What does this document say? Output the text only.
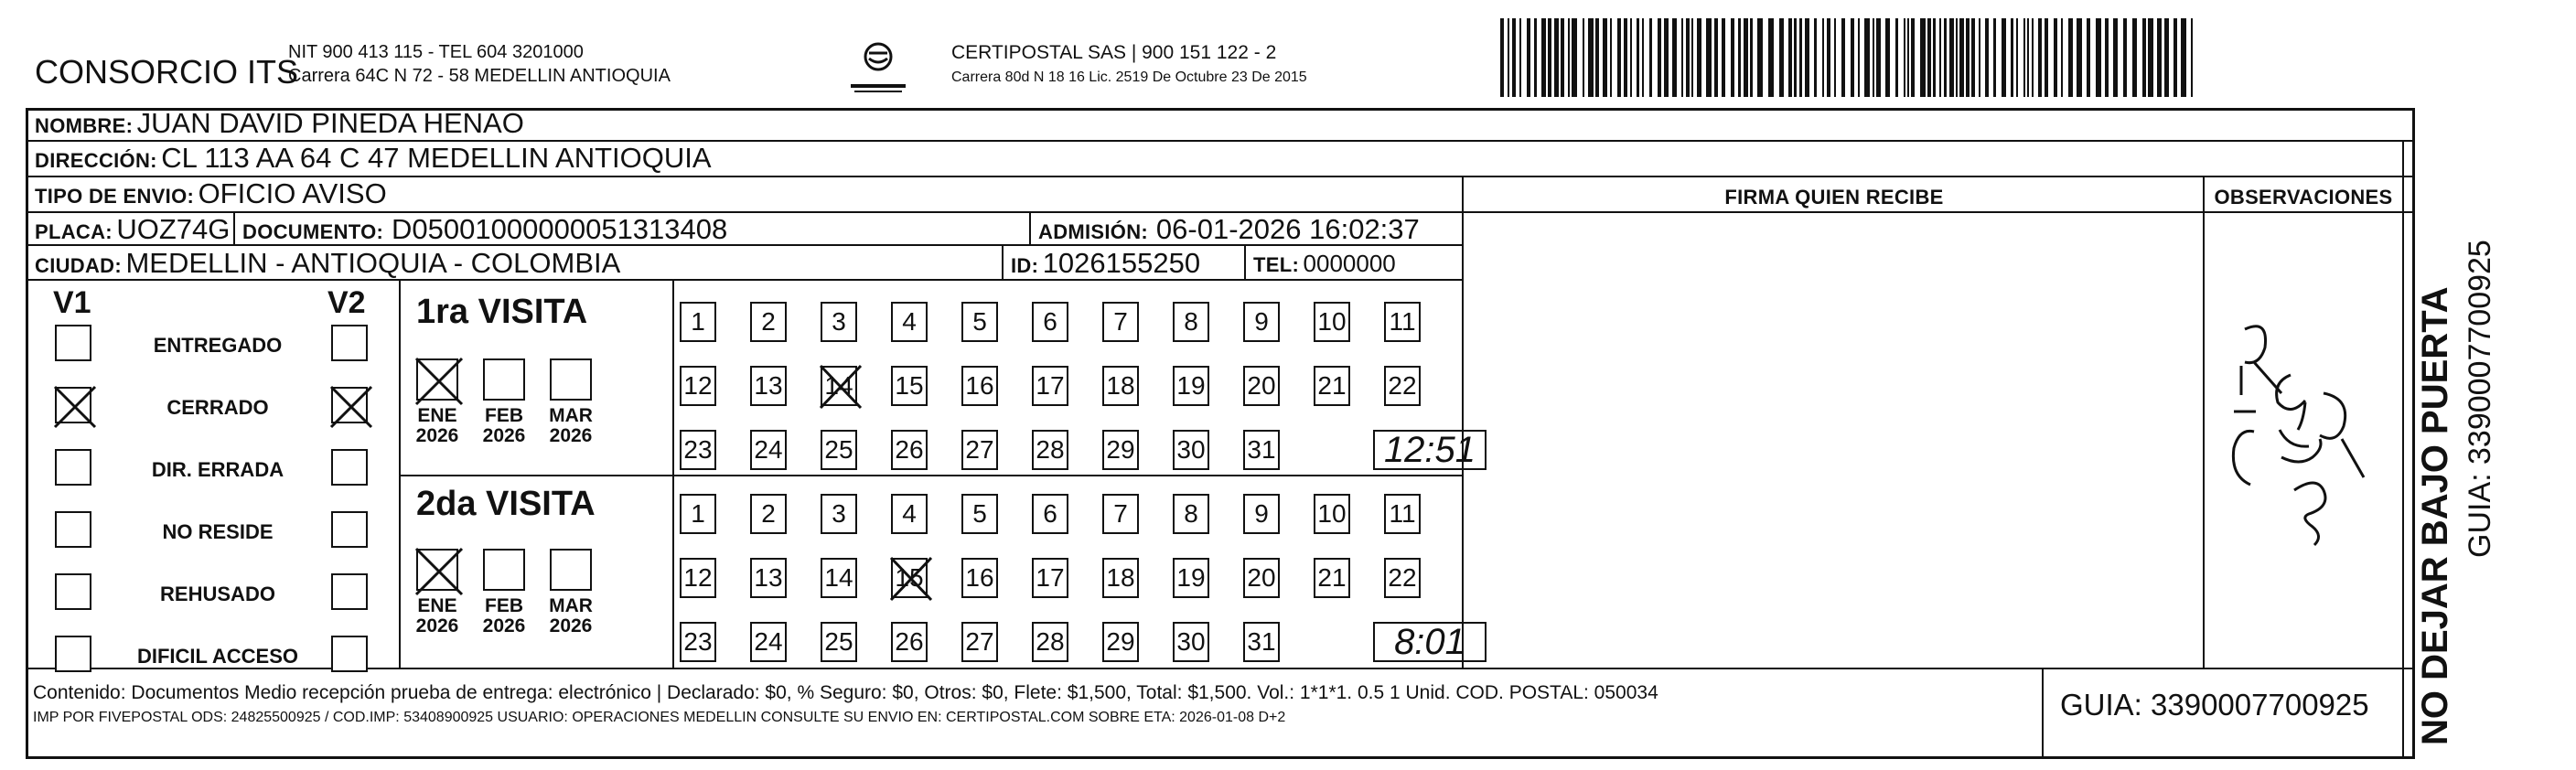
CONSORCIO ITS
NIT 900 413 115 - TEL 604 3201000
Carrera 64C N 72 - 58 MEDELLIN ANTIOQUIA
CERTIPOSTAL SAS | 900 151 122 - 2
Carrera 80d N 18 16 Lic. 2519 De Octubre 23 De 2015
NOMBRE: JUAN DAVID PINEDA HENAO
DIRECCIÓN: CL 113 AA 64 C 47 MEDELLIN ANTIOQUIA
TIPO DE ENVIO: OFICIO AVISO	FIRMA QUIEN RECIBE	OBSERVACIONES
PLACA: UOZ74G DOCUMENTO: D05001000000051313408	ADMISIÓN: 06-01-2026 16:02:37
CIUDAD: MEDELLIN - ANTIOQUIA - COLOMBIA	ID: 1026155250	TEL: 0000000
V1	V2
ENTREGADO
CERRADO
DIR. ERRADA
NO RESIDE
REHUSADO
DIFICIL ACCESO
1ra VISITA
ENE
2026
FEB
2026
MAR
2026
1	2	3	4	5	6	7	8	9	10 11
12 13 14 15 16 17 18 19 20 21 22
23 24 25 26 27 28 29 30 31	12:51
2da VISITA
ENE
2026
FEB
2026
MAR
2026
1	2	3	4	5	6	7	8	9	10 11
12 13 14 15 16 17 18 19 20 21 22
23 24 25 26 27 28 29 30 31	8:01
Contenido: Documentos Medio recepción prueba de entrega: electrónico | Declarado: $0, % Seguro: $0, Otros: $0, Flete: $1,500, Total: $1,500. Vol.: 1*1*1. 0.5 1 Unid. COD. POSTAL: 050034
IMP POR FIVEPOSTAL ODS: 24825500925 / COD.IMP: 53408900925 USUARIO: OPERACIONES MEDELLIN CONSULTE SU ENVIO EN: CERTIPOSTAL.COM SOBRE ETA: 2026-01-08 D+2	GUIA: 3390007700925 NO DEJAR BAJO PUERTA GUIA: 3390007700925
